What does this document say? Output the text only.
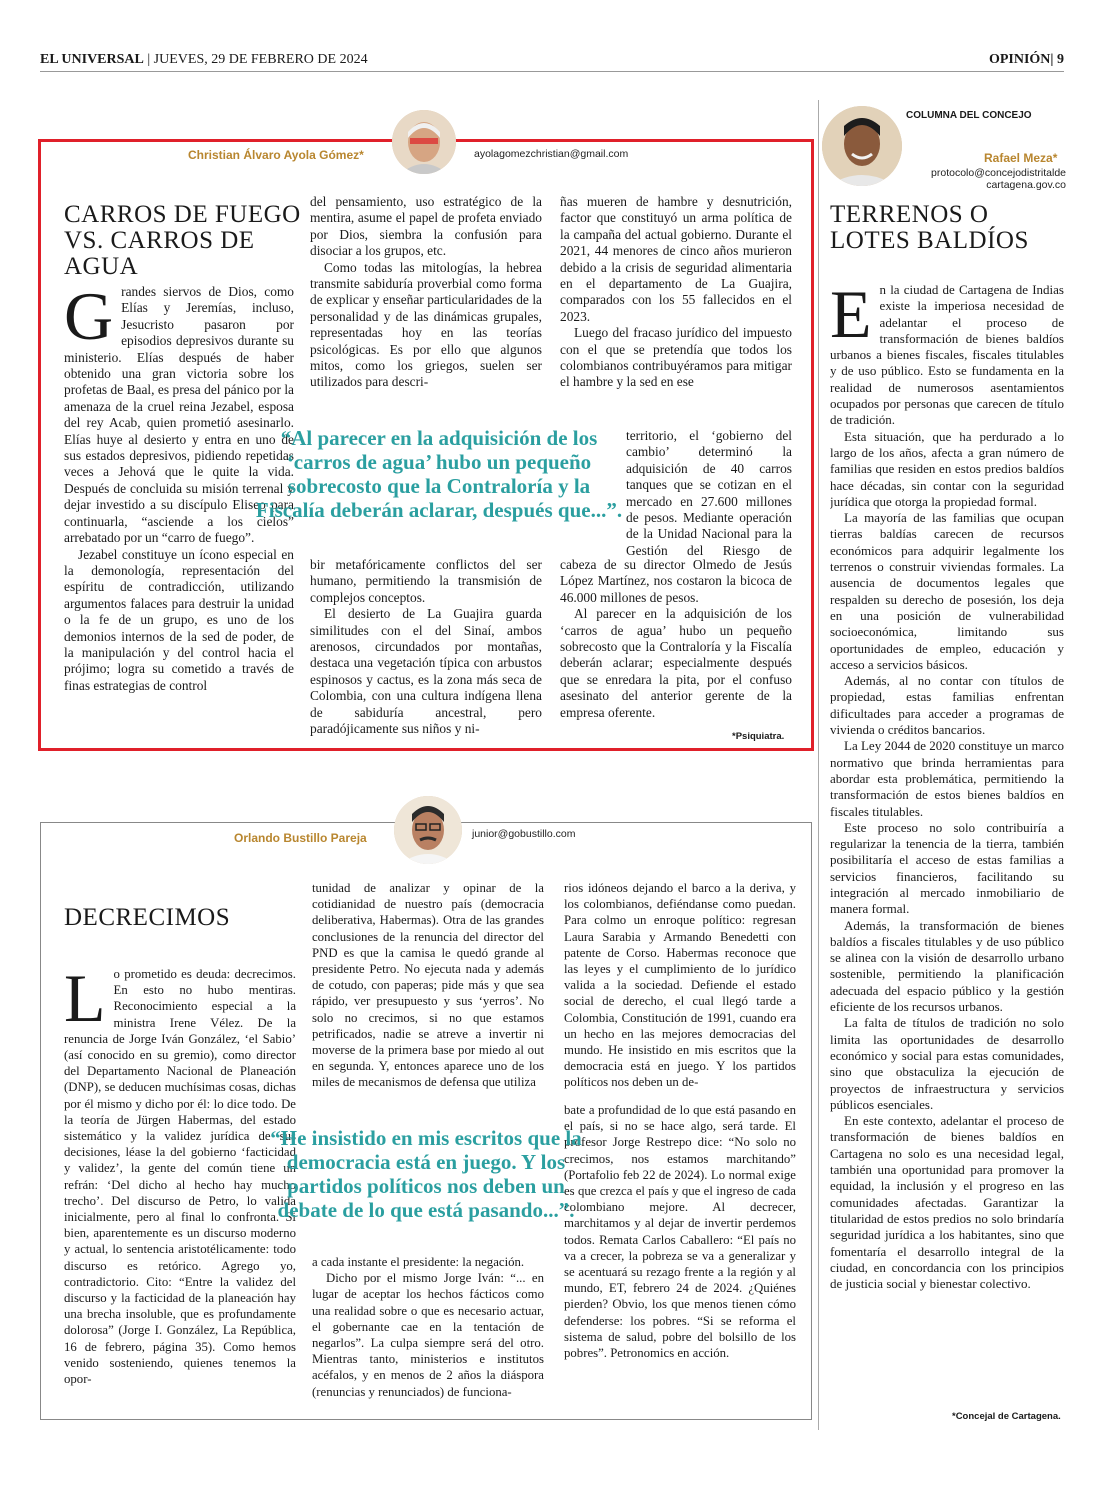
EL UNIVERSAL | JUEVES, 29 DE FEBRERO DE 2024	OPINIÓN| 9
Christian Álvaro Ayola Gómez*	ayolagomezchristian@gmail.com
CARROS DE FUEGO VS. CARROS DE AGUA

Grandes siervos de Dios, como Elías y Jeremías, incluso, Jesucristo pasaron por episodios depresivos durante su ministerio. Elías después de haber obtenido una gran victoria sobre los profetas de Baal, es presa del pánico por la amenaza de la cruel reina Jezabel, esposa del rey Acab, quien prometió asesinarlo. Elías huye al desierto y entra en uno de sus estados depresivos, pidiendo repetidas veces a Jehová que le quite la vida. Después de concluida su misión terrenal y dejar investido a su discípulo Eliseo para continuarla, “asciende a los cielos” arrebatado por un “carro de fuego”.

Jezabel constituye un ícono especial en la demonología, representación del espíritu de contradicción, utilizando argumentos falaces para destruir la unidad o la fe de un grupo, es uno de los demonios internos de la sed de poder, de la manipulación y del control hacia el prójimo; logra su cometido a través de finas estrategias de control

del pensamiento, uso estratégico de la mentira, asume el papel de profeta enviado por Dios, siembra la confusión para disociar a los grupos, etc.

Como todas las mitologías, la hebrea transmite sabiduría proverbial como forma de explicar y enseñar particularidades de la personalidad y de las dinámicas grupales, representadas hoy en las teorías psicológicas. Es por ello que algunos mitos, como los griegos, suelen ser utilizados para descri-

bir metafóricamente conflictos del ser humano, permitiendo la transmisión de complejos conceptos.

El desierto de La Guajira guarda similitudes con el del Sinaí, ambos arenosos, circundados por montañas, destaca una vegetación típica con arbustos espinosos y cactus, es la zona más seca de Colombia, con una cultura indígena llena de sabiduría ancestral, pero paradójicamente sus niños y ni-

ñas mueren de hambre y desnutrición, factor que constituyó un arma política de la campaña del actual gobierno. Durante el 2021, 44 menores de cinco años murieron debido a la crisis de seguridad alimentaria en el departamento de La Guajira, comparados con los 55 fallecidos en el 2023.

Luego del fracaso jurídico del impuesto con el que se pretendía que todos los colombianos contribuyéramos para mitigar el hambre y la sed en ese

territorio, el ‘gobierno del cambio’ determinó la adquisición de 40 carros tanques que se cotizan en el mercado en 27.600 millones de pesos. Mediante operación de la Unidad Nacional para la Gestión del Riesgo de

cabeza de su director Olmedo de Jesús López Martínez, nos costaron la bicoca de 46.000 millones de pesos.

Al parecer en la adquisición de los ‘carros de agua’ hubo un pequeño sobrecosto que la Contraloría y la Fiscalía deberán aclarar; especialmente después que se enredara la pita, por el confuso asesinato del anterior gerente de la empresa oferente.

“Al parecer en la adquisición de los ‘carros de agua’ hubo un pequeño sobrecosto que la Contraloría y la Fiscalía deberán aclarar, después que...”.
*Psiquiatra.
Orlando Bustillo Pareja	junior@gobustillo.com
DECRECIMOS

Lo prometido es deuda: decrecimos. En esto no hubo mentiras. Reconocimiento especial a la ministra Irene Vélez. De la renuncia de Jorge Iván González, ‘el Sabio’ (así conocido en su gremio), como director del Departamento Nacional de Planeación (DNP), se deducen muchísimas cosas, dichas por él mismo y dicho por él: lo dice todo. De la teoría de Jürgen Habermas, del estado sistemático y la validez jurídica de sus decisiones, léase la del gobierno ‘facticidad y validez’, la gente del común tiene un refrán: ‘Del dicho al hecho hay mucho trecho’. Del discurso de Petro, lo valida inicialmente, pero al final lo confronta. Si bien, aparentemente es un discurso moderno y actual, lo sentencia aristotélicamente: todo discurso es retórico. Agrego yo, contradictorio. Cito: “Entre la validez del discurso y la facticidad de la planeación hay una brecha insoluble, que es profundamente dolorosa” (Jorge I. González, La República, 16 de febrero, página 35). Como hemos venido sosteniendo, quienes tenemos la opor-

tunidad de analizar y opinar de la cotidianidad de nuestro país (democracia deliberativa, Habermas). Otra de las grandes conclusiones de la renuncia del director del PND es que la camisa le quedó grande al presidente Petro. No ejecuta nada y además de cotudo, con paperas; pide más y que sea rápido, ver presupuesto y sus ‘yerros’. No solo no crecimos, si no que estamos petrificados, nadie se atreve a invertir ni moverse de la primera base por miedo al out en segunda. Y, entonces aparece uno de los miles de mecanismos de defensa que utiliza

a cada instante el presidente: la negación.

Dicho por el mismo Jorge Iván: “... en lugar de aceptar los hechos fácticos como una realidad sobre o que es necesario actuar, el gobernante cae en la tentación de negarlos”. La culpa siempre será del otro. Mientras tanto, ministerios e institutos acéfalos, y en menos de 2 años la diáspora (renuncias y renunciados) de funciona-

rios idóneos dejando el barco a la deriva, y los colombianos, defiéndanse como puedan. Para colmo un enroque político: regresan Laura Sarabia y Armando Benedetti con patente de Corso. Habermas reconoce que las leyes y el cumplimiento de lo jurídico valida a la sociedad. Defiende el estado social de derecho, el cual llegó tarde a Colombia, Constitución de 1991, cuando era un hecho en las mejores democracias del mundo. He insistido en mis escritos que la democracia está en juego. Y los partidos políticos nos deben un de-

bate a profundidad de lo que está pasando en el país, si no se hace algo, será tarde. El profesor Jorge Restrepo dice: “No solo no crecimos, nos estamos marchitando” (Portafolio feb 22 de 2024). Lo normal exige es que crezca el país y que el ingreso de cada colombiano mejore. Al decrecer, marchitamos y al dejar de invertir perdemos todos. Remata Carlos Caballero: “El país no va a crecer, la pobreza se va a generalizar y se acentuará su rezago frente a la región y al mundo, ET, febrero 24 de 2024. ¿Quiénes pierden? Obvio, los que menos tienen cómo defenderse: los pobres. “Si se reforma el sistema de salud, pobre del bolsillo de los pobres”. Petronomics en acción.

“He insistido en mis escritos que la democracia está en juego. Y los partidos políticos nos deben un debate de lo que está pasando...”.
COLUMNA DEL CONCEJO
Rafael Meza*
protocolo@concejodistritalde cartagena.gov.co
TERRENOS O LOTES BALDÍOS

En la ciudad de Cartagena de Indias existe la imperiosa necesidad de adelantar el proceso de transformación de bienes baldíos urbanos a bienes fiscales, fiscales titulables y de uso público. Esto se fundamenta en la realidad de numerosos asentamientos ocupados por personas que carecen de título de tradición.

Esta situación, que ha perdurado a lo largo de los años, afecta a gran número de familias que residen en estos predios baldíos hace décadas, sin contar con la seguridad jurídica que otorga la propiedad formal.

La mayoría de las familias que ocupan tierras baldías carecen de recursos económicos para adquirir legalmente los terrenos o construir viviendas formales. La ausencia de documentos legales que respalden su derecho de posesión, los deja en una posición de vulnerabilidad socioeconómica, limitando sus oportunidades de empleo, educación y acceso a servicios básicos.

Además, al no contar con títulos de propiedad, estas familias enfrentan dificultades para acceder a programas de vivienda o créditos bancarios.

La Ley 2044 de 2020 constituye un marco normativo que brinda herramientas para abordar esta problemática, permitiendo la transformación de estos bienes baldíos en fiscales titulables.

Este proceso no solo contribuiría a regularizar la tenencia de la tierra, también posibilitaría el acceso de estas familias a servicios financieros, facilitando su integración al mercado inmobiliario de manera formal.

Además, la transformación de bienes baldíos a fiscales titulables y de uso público se alinea con la visión de desarrollo urbano sostenible, permitiendo la planificación adecuada del espacio público y la gestión eficiente de los recursos urbanos.

La falta de títulos de tradición no solo limita las oportunidades de desarrollo económico y social para estas comunidades, sino que obstaculiza la ejecución de proyectos de infraestructura y servicios públicos esenciales.

En este contexto, adelantar el proceso de transformación de bienes baldíos en Cartagena no solo es una necesidad legal, también una oportunidad para promover la equidad, la inclusión y el progreso en las comunidades afectadas. Garantizar la titularidad de estos predios no solo brindaría seguridad jurídica a los habitantes, sino que fomentaría el desarrollo integral de la ciudad, en concordancia con los principios de justicia social y bienestar colectivo.

*Concejal de Cartagena.
